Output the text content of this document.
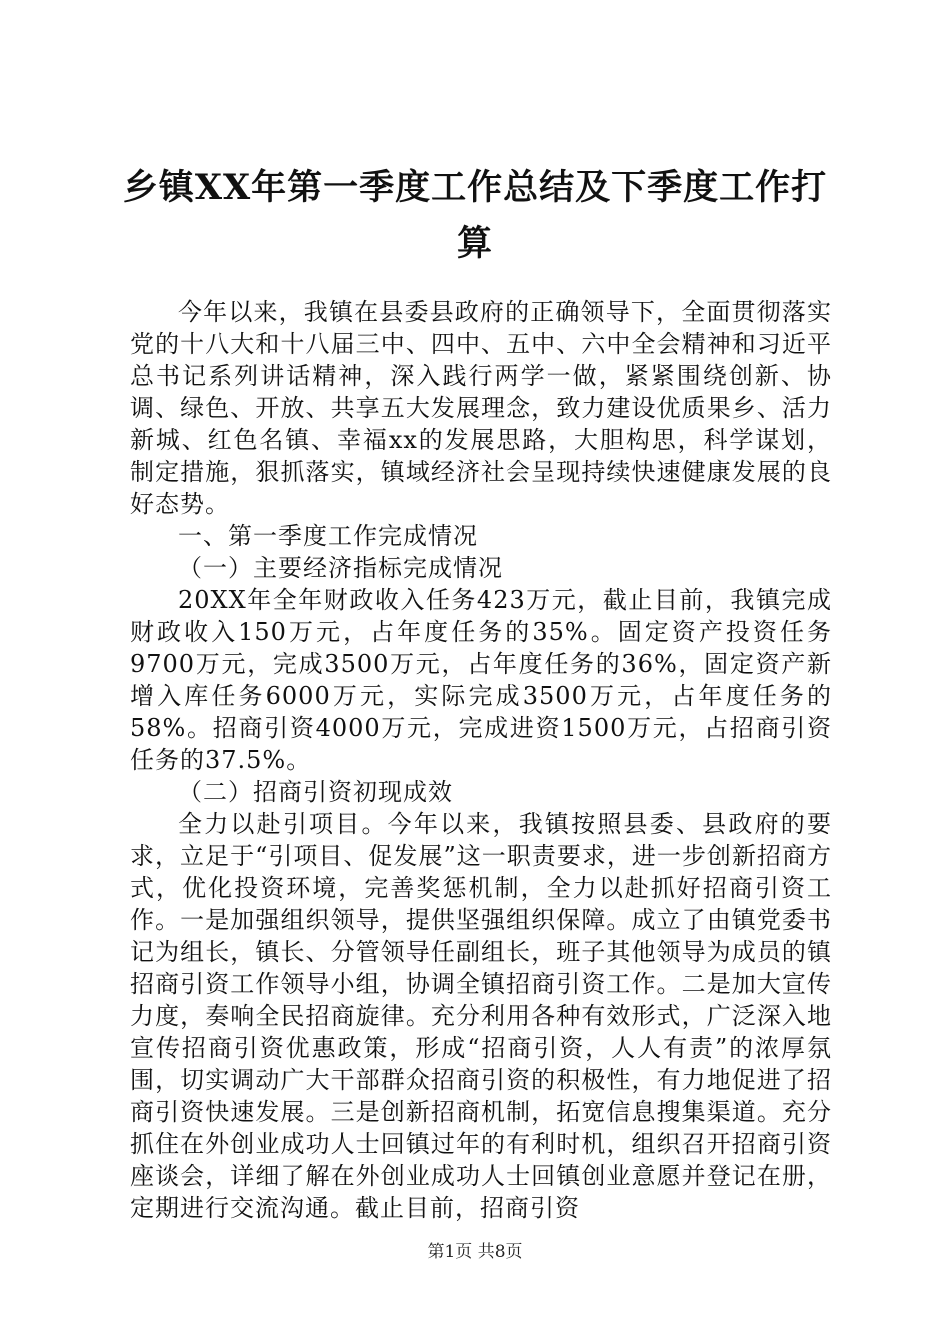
乡镇XX年第一季度工作总结及下季度工作打算

今年以来，我镇在县委县政府的正确领导下，全面贯彻落实党的十八大和十八届三中、四中、五中、六中全会精神和习近平总书记系列讲话精神，深入践行两学一做，紧紧围绕创新、协调、绿色、开放、共享五大发展理念，致力建设优质果乡、活力新城、红色名镇、幸福xx的发展思路，大胆构思，科学谋划，制定措施，狠抓落实，镇域经济社会呈现持续快速健康发展的良好态势。

一、第一季度工作完成情况

（一）主要经济指标完成情况

20XX年全年财政收入任务423万元，截止目前，我镇完成财政收入150万元，占年度任务的35%。固定资产投资任务9700万元，完成3500万元，占年度任务的36%，固定资产新增入库任务6000万元，实际完成3500万元，占年度任务的58%。招商引资4000万元，完成进资1500万元，占招商引资任务的37.5%。

（二）招商引资初现成效

全力以赴引项目。今年以来，我镇按照县委、县政府的要求，立足于“引项目、促发展”这一职责要求，进一步创新招商方式，优化投资环境，完善奖惩机制，全力以赴抓好招商引资工作。一是加强组织领导，提供坚强组织保障。成立了由镇党委书记为组长，镇长、分管领导任副组长，班子其他领导为成员的镇招商引资工作领导小组，协调全镇招商引资工作。二是加大宣传力度，奏响全民招商旋律。充分利用各种有效形式，广泛深入地宣传招商引资优惠政策，形成“招商引资，人人有责”的浓厚氛围，切实调动广大干部群众招商引资的积极性，有力地促进了招商引资快速发展。三是创新招商机制，拓宽信息搜集渠道。充分抓住在外创业成功人士回镇过年的有利时机，组织召开招商引资座谈会，详细了解在外创业成功人士回镇创业意愿并登记在册，定期进行交流沟通。截止目前，招商引资

第1页 共8页
